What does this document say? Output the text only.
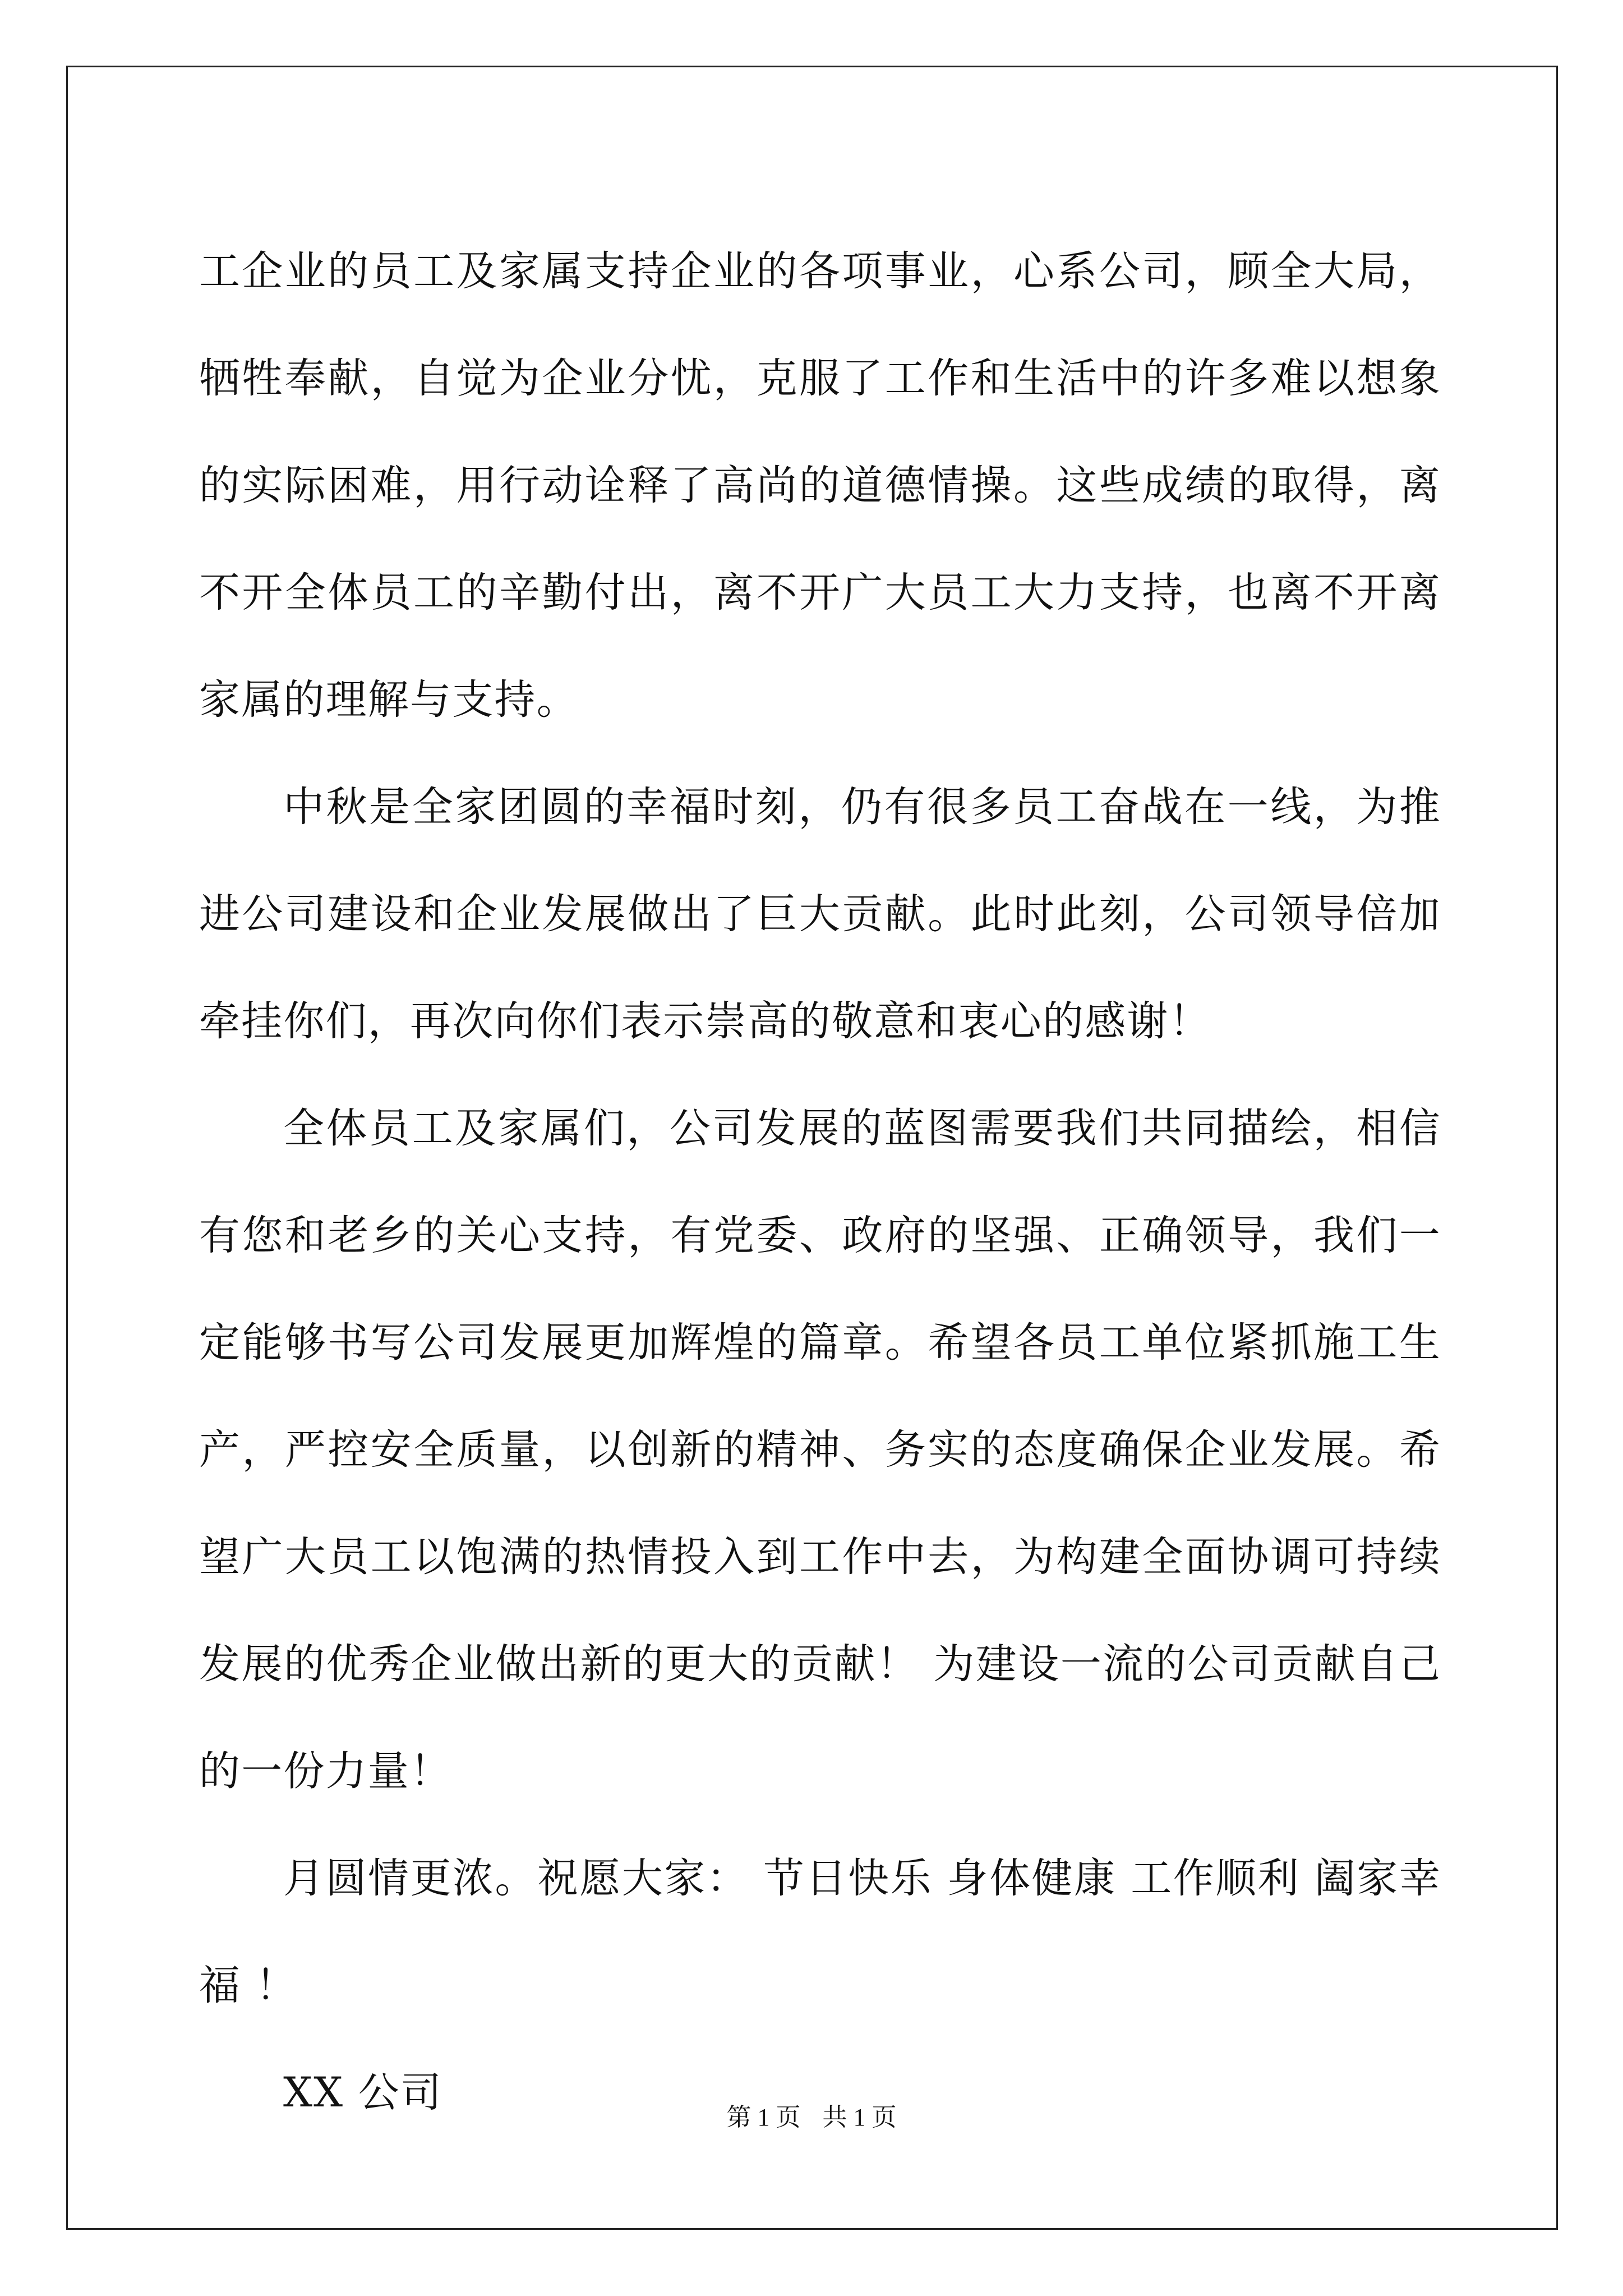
工企业的员工及家属支持企业的各项事业，心系公司，顾全大局，牺牲奉献，自觉为企业分忧，克服了工作和生活中的许多难以想象的实际困难，用行动诠释了高尚的道德情操。这些成绩的取得，离不开全体员工的辛勤付出，离不开广大员工大力支持，也离不开离家属的理解与支持。

中秋是全家团圆的幸福时刻，仍有很多员工奋战在一线，为推进公司建设和企业发展做出了巨大贡献。此时此刻，公司领导倍加牵挂你们，再次向你们表示崇高的敬意和衷心的感谢！

全体员工及家属们，公司发展的蓝图需要我们共同描绘，相信有您和老乡的关心支持，有党委、政府的坚强、正确领导，我们一定能够书写公司发展更加辉煌的篇章。希望各员工单位紧抓施工生产，严控安全质量，以创新的精神、务实的态度确保企业发展。希望广大员工以饱满的热情投入到工作中去，为构建全面协调可持续发展的优秀企业做出新的更大的贡献！ 为建设一流的公司贡献自己的一份力量！

月圆情更浓。祝愿大家： 节日快乐 身体健康 工作顺利 阖家幸福 ！

XX 公司

第 1 页 共 1 页
